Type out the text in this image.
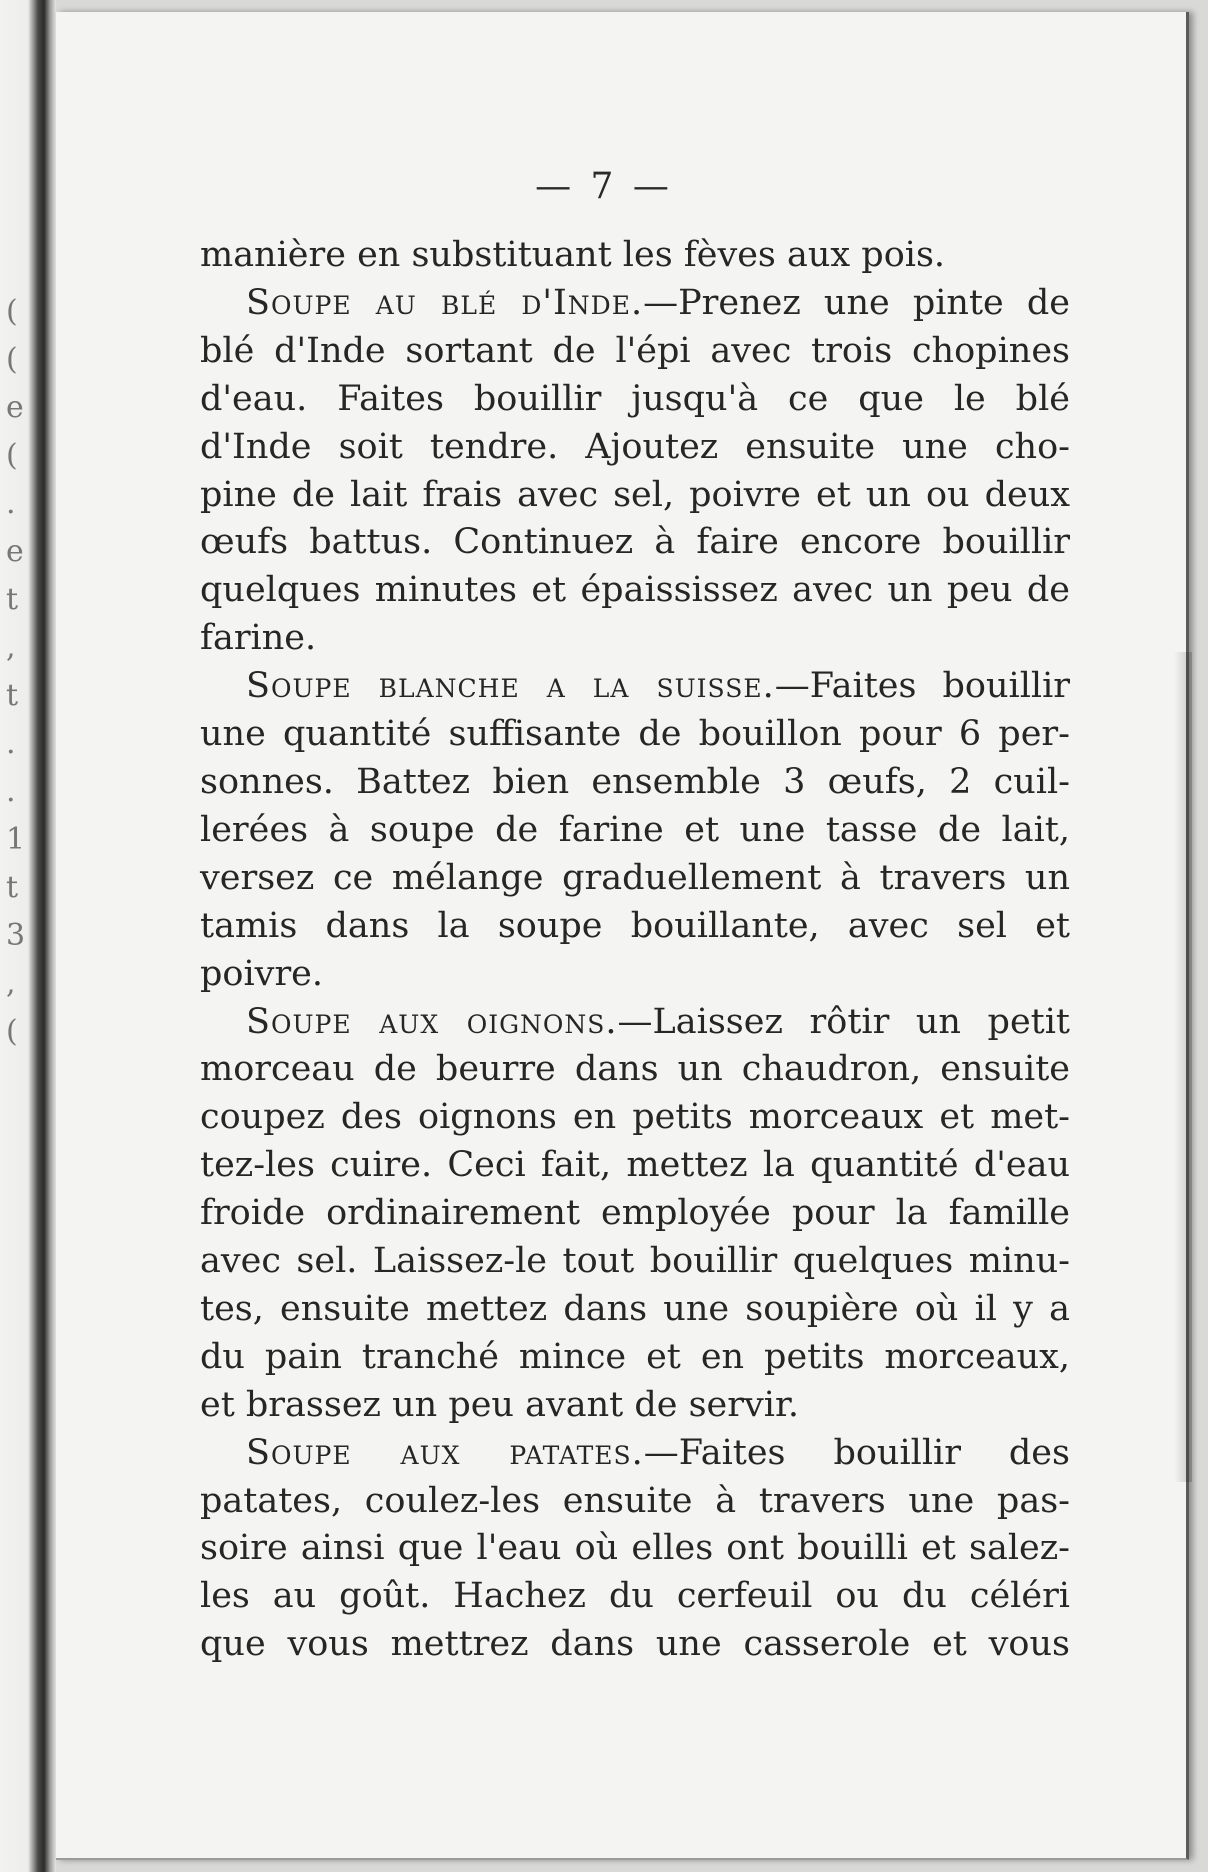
(
(
e
(
.
e
t
,
t
.
.
1
t
3
,
(

— 7 —
manière en substituant les fèves aux pois.
Soupe au blé d'Inde.—Prenez une pinte de
blé d'Inde sortant de l'épi avec trois chopines
d'eau. Faites bouillir jusqu'à ce que le blé
d'Inde soit tendre. Ajoutez ensuite une cho-
pine de lait frais avec sel, poivre et un ou deux
œufs battus. Continuez à faire encore bouillir
quelques minutes et épaississez avec un peu de
farine.
Soupe blanche a la suisse.—Faites bouillir
une quantité suffisante de bouillon pour 6 per-
sonnes. Battez bien ensemble 3 œufs, 2 cuil-
lerées à soupe de farine et une tasse de lait,
versez ce mélange graduellement à travers un
tamis dans la soupe bouillante, avec sel et
poivre.
Soupe aux oignons.—Laissez rôtir un petit
morceau de beurre dans un chaudron, ensuite
coupez des oignons en petits morceaux et met-
tez-les cuire. Ceci fait, mettez la quantité d'eau
froide ordinairement employée pour la famille
avec sel. Laissez-le tout bouillir quelques minu-
tes, ensuite mettez dans une soupière où il y a
du pain tranché mince et en petits morceaux,
et brassez un peu avant de servir.
Soupe aux patates.—Faites bouillir des
patates, coulez-les ensuite à travers une pas-
soire ainsi que l'eau où elles ont bouilli et salez-
les au goût. Hachez du cerfeuil ou du céléri
que vous mettrez dans une casserole et vous
